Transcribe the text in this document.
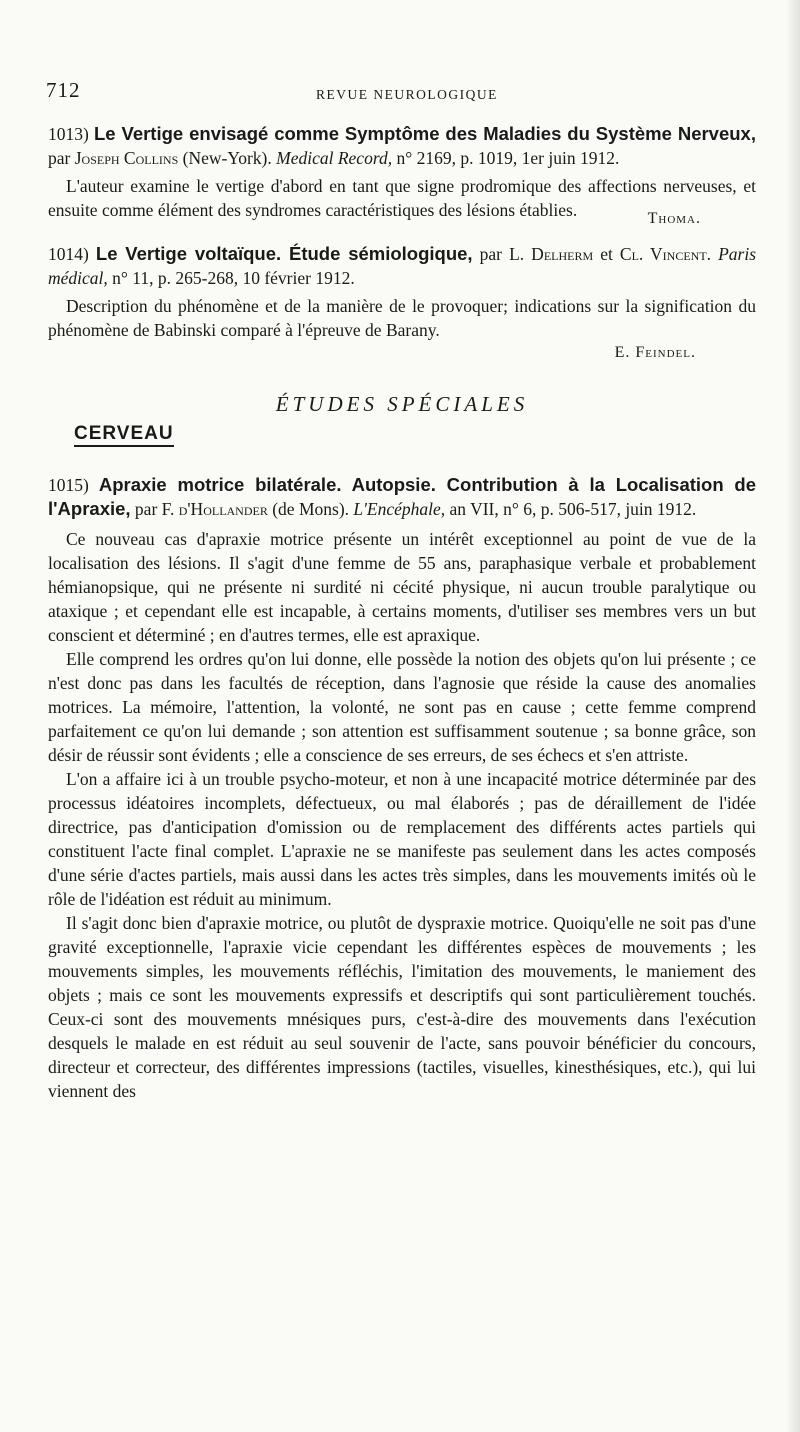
712	REVUE NEUROLOGIQUE

1013) Le Vertige envisagé comme Symptôme des Maladies du Système Nerveux, par Joseph Collins (New-York). Medical Record, n° 2169, p. 1019, 1er juin 1912.

L'auteur examine le vertige d'abord en tant que signe prodromique des affections nerveuses, et ensuite comme élément des syndromes caractéristiques des lésions établies.	Thoma.

1014) Le Vertige voltaïque. Étude sémiologique, par L. Delherm et Cl. Vincent. Paris médical, n° 11, p. 265-268, 10 février 1912.

Description du phénomène et de la manière de le provoquer; indications sur la signification du phénomène de Babinski comparé à l'épreuve de Barany.

E. Feindel.

ÉTUDES SPÉCIALES
CERVEAU

1015) Apraxie motrice bilatérale. Autopsie. Contribution à la Localisation de l'Apraxie, par F. d'Hollander (de Mons). L'Encéphale, an VII, n° 6, p. 506-517, juin 1912.

Ce nouveau cas d'apraxie motrice présente un intérêt exceptionnel au point de vue de la localisation des lésions. Il s'agit d'une femme de 55 ans, paraphasique verbale et probablement hémianopsique, qui ne présente ni surdité ni cécité physique, ni aucun trouble paralytique ou ataxique ; et cependant elle est incapable, à certains moments, d'utiliser ses membres vers un but conscient et déterminé ; en d'autres termes, elle est apraxique.

Elle comprend les ordres qu'on lui donne, elle possède la notion des objets qu'on lui présente ; ce n'est donc pas dans les facultés de réception, dans l'agnosie que réside la cause des anomalies motrices. La mémoire, l'attention, la volonté, ne sont pas en cause ; cette femme comprend parfaitement ce qu'on lui demande ; son attention est suffisamment soutenue ; sa bonne grâce, son désir de réussir sont évidents ; elle a conscience de ses erreurs, de ses échecs et s'en attriste.

L'on a affaire ici à un trouble psycho-moteur, et non à une incapacité motrice déterminée par des processus idéatoires incomplets, défectueux, ou mal élaborés ; pas de déraillement de l'idée directrice, pas d'anticipation d'omission ou de remplacement des différents actes partiels qui constituent l'acte final complet. L'apraxie ne se manifeste pas seulement dans les actes composés d'une série d'actes partiels, mais aussi dans les actes très simples, dans les mouvements imités où le rôle de l'idéation est réduit au minimum.

Il s'agit donc bien d'apraxie motrice, ou plutôt de dyspraxie motrice. Quoiqu'elle ne soit pas d'une gravité exceptionnelle, l'apraxie vicie cependant les différentes espèces de mouvements ; les mouvements simples, les mouvements réfléchis, l'imitation des mouvements, le maniement des objets ; mais ce sont les mouvements expressifs et descriptifs qui sont particulièrement touchés. Ceux-ci sont des mouvements mnésiques purs, c'est-à-dire des mouvements dans l'exécution desquels le malade en est réduit au seul souvenir de l'acte, sans pouvoir bénéficier du concours, directeur et correcteur, des différentes impressions (tactiles, visuelles, kinesthésiques, etc.), qui lui viennent des
